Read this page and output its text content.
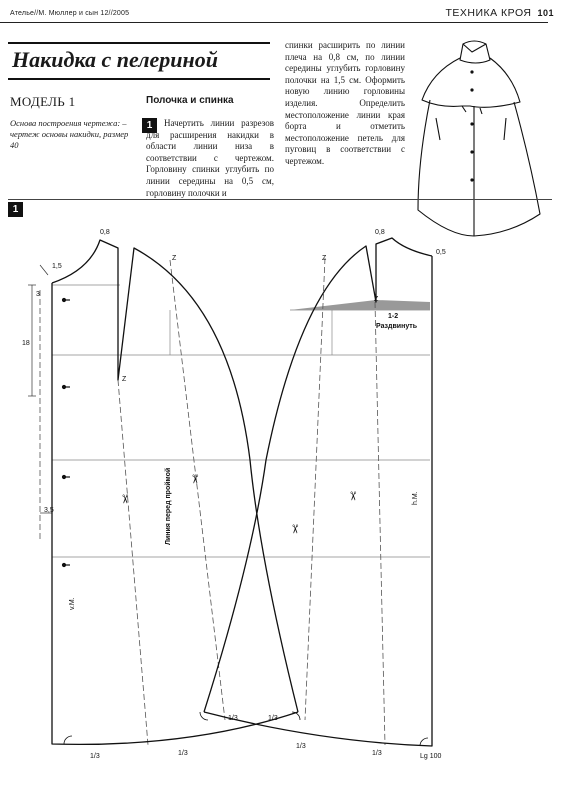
Ателье//М. Мюллер и сын 12//2005	ТЕХНИКА КРОЯ 101
Накидка с пелериной
МОДЕЛЬ 1
Основа построения чертежа: – чертеж основы накидки, размер 40
Полочка и спинка
1	Начертить линии разрезов для расширения накидки в области линии низа в соответствии с чертежом. Горловину спинки углубить по линии середины на 0,5 см, горловину полочки и
спинки расширить по линии плеча на 0,8 см, по линии середины углубить горловину полочки на 1,5 см. Оформить новую линию горловины изделия. Определить местоположение линии края борта и отметить местоположение петель для пуговиц в соответствии с чертежом.
1
✂
✂
✂
✂
0,8	0,8
0,5
1,5
3
18
3,5
Z
Z
Z
Z
1-2
Раздвинуть
Линия перед проймой	h.M.
v.M.
1/3	1/3
1/3	1/3
1/3
1/3	Lg 100
